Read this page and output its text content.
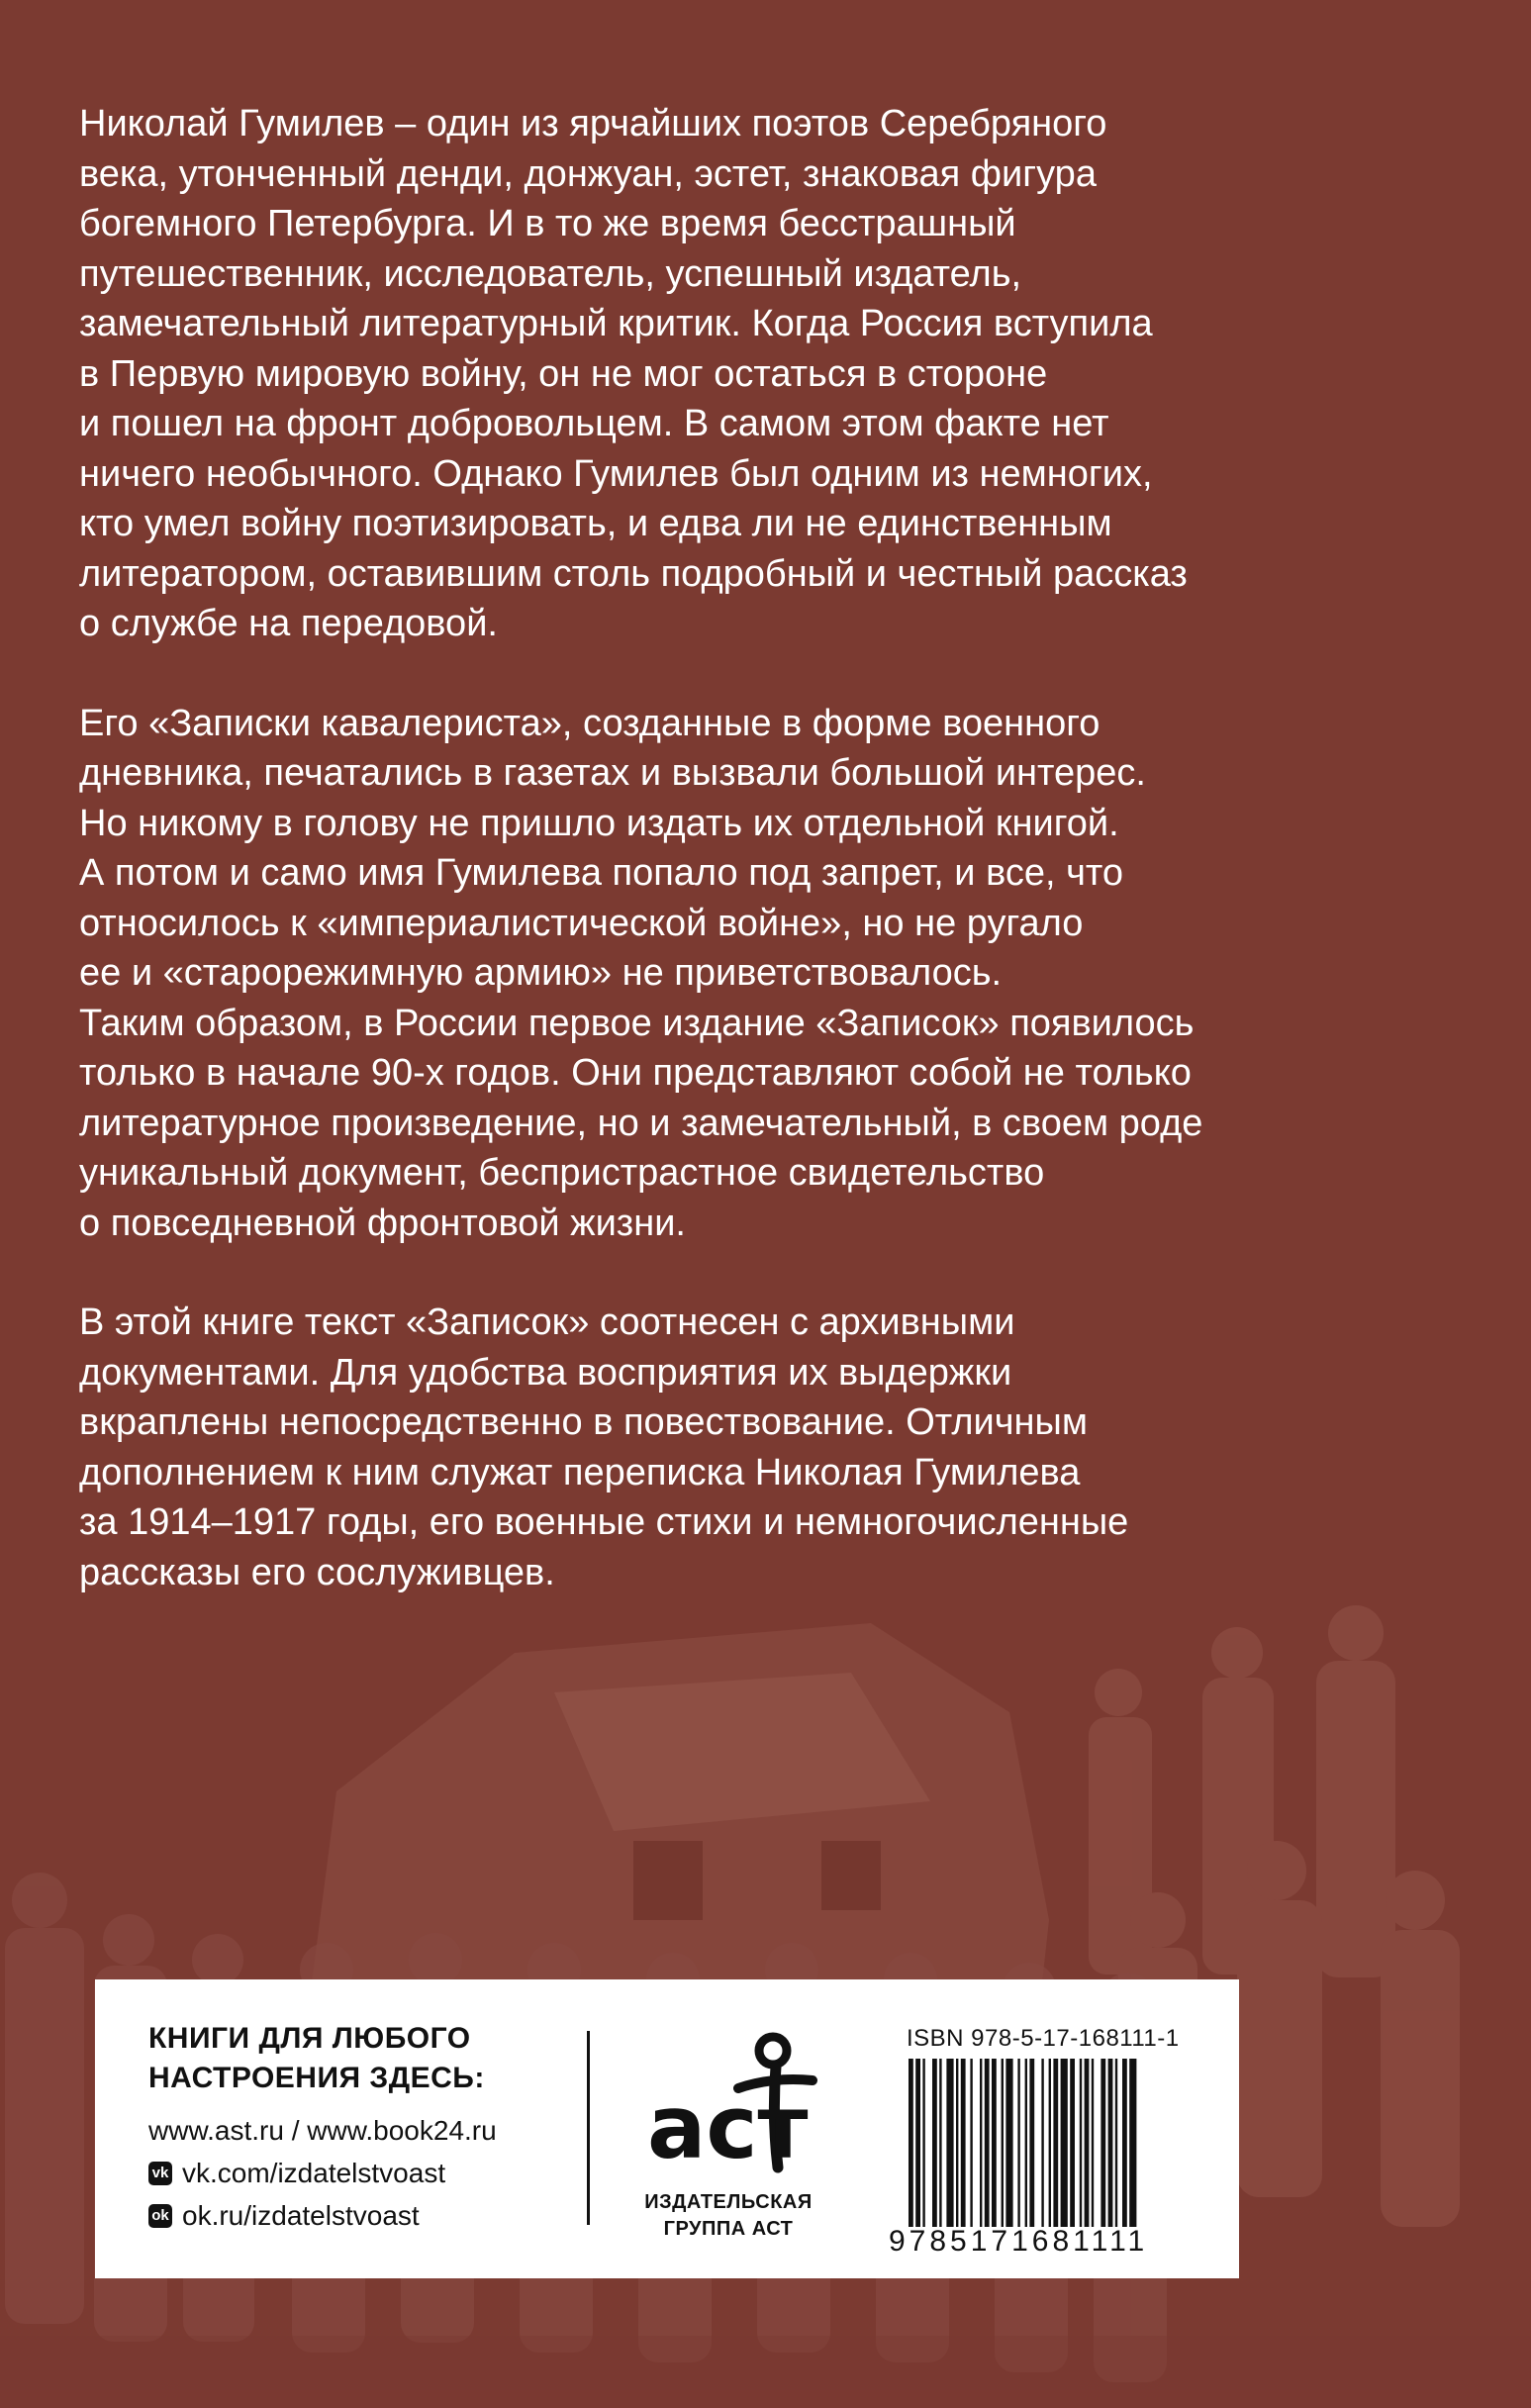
Николай Гумилев – один из ярчайших поэтов Серебряного
века, утонченный денди, донжуан, эстет, знаковая фигура
богемного Петербурга. И в то же время бесстрашный
путешественник, исследователь, успешный издатель,
замечательный литературный критик. Когда Россия вступила
в Первую мировую войну, он не мог остаться в стороне
и пошел на фронт добровольцем. В самом этом факте нет
ничего необычного. Однако Гумилев был одним из немногих,
кто умел войну поэтизировать, и едва ли не единственным
литератором, оставившим столь подробный и честный рассказ
о службе на передовой.

Его «Записки кавалериста», созданные в форме военного
дневника, печатались в газетах и вызвали большой интерес.
Но никому в голову не пришло издать их отдельной книгой.
А потом и само имя Гумилева попало под запрет, и все, что
относилось к «империалистической войне», но не ругало
ее и «старорежимную армию» не приветствовалось.
Таким образом, в России первое издание «Записок» появилось
только в начале 90-х годов. Они представляют собой не только
литературное произведение, но и замечательный, в своем роде
уникальный документ, беспристрастное свидетельство
о повседневной фронтовой жизни.

В этой книге текст «Записок» соотнесен с архивными
документами. Для удобства восприятия их выдержки
вкраплены непосредственно в повествование. Отличным
дополнением к ним служат переписка Николая Гумилева
за 1914–1917 годы, его военные стихи и немногочисленные
рассказы его сослуживцев.

КНИГИ ДЛЯ ЛЮБОГО
НАСТРОЕНИЯ ЗДЕСЬ:
www.ast.ru / www.book24.ru
vk vk.com/izdatelstvoast
ok ok.ru/izdatelstvoast
аст
ИЗДАТЕЛЬСКАЯ
ГРУППА АСТ
ISBN 978-5-17-168111-1
9785171681111
